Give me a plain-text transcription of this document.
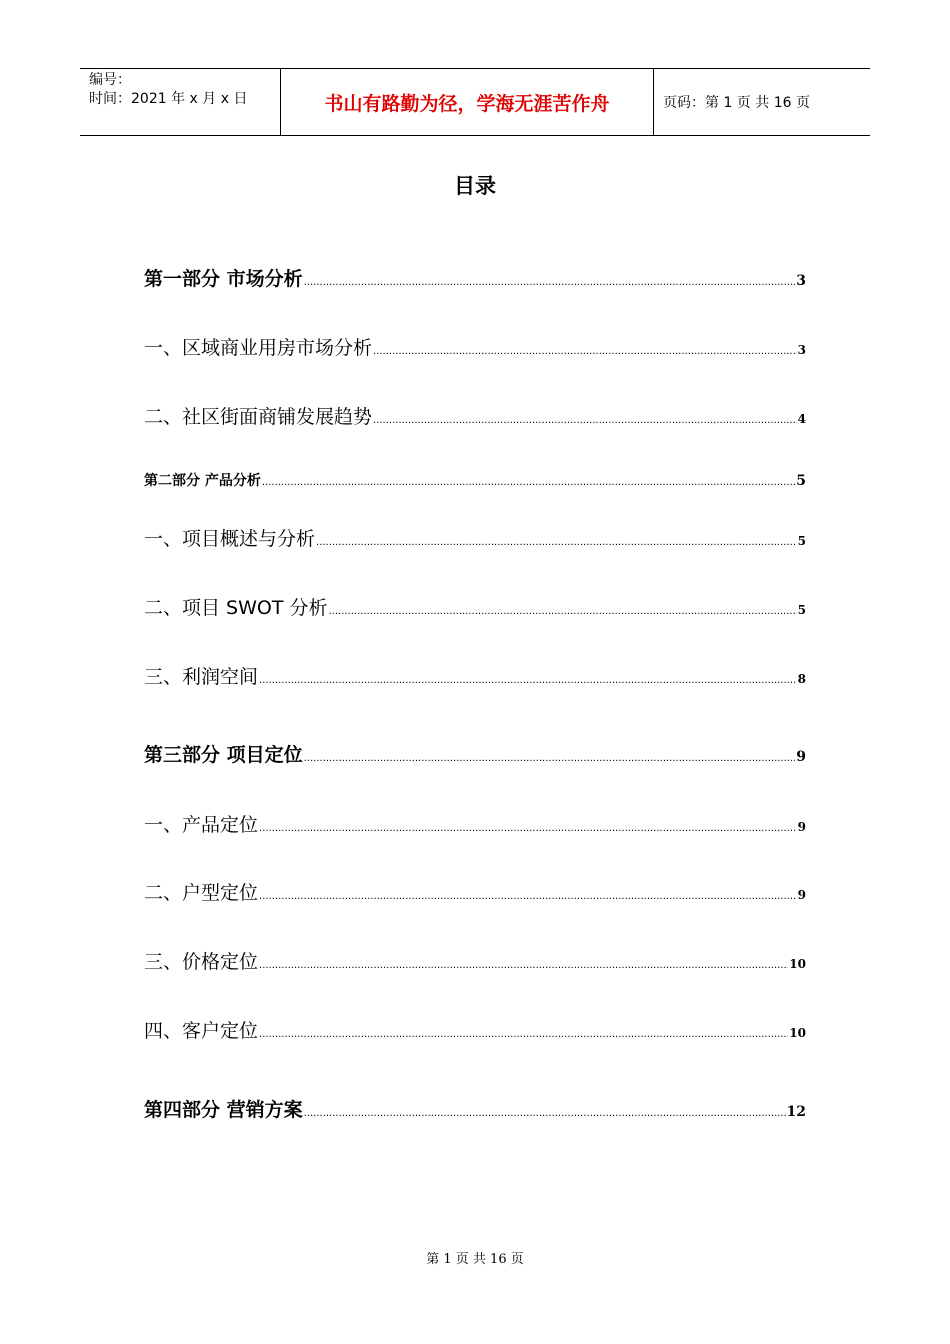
编号：
时间：2021 年 x 月 x 日	书山有路勤为径，学海无涯苦作舟	页码：第 1 页 共 16 页
目录
第一部分 市场分析 .....	3
一、区域商业用房市场分析 .....	3
二、社区街面商铺发展趋势 .....	4
第二部分 产品分析 .....	5
一、项目概述与分析 .....	5
二、项目 SWOT 分析 .....	5
三、利润空间 .....	8
第三部分 项目定位 .....	9
一、产品定位 .....	9
二、户型定位 .....	9
三、价格定位 .....	10
四、客户定位 .....	10
第四部分 营销方案 .....	12
第 1 页 共 16 页
